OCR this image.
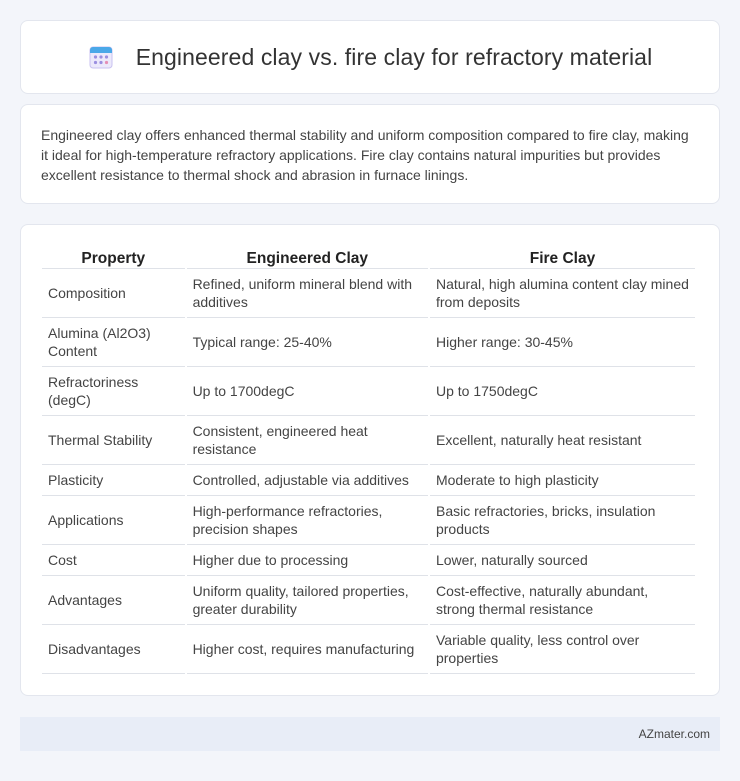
Engineered clay vs. fire clay for refractory material

Engineered clay offers enhanced thermal stability and uniform composition compared to fire clay, making it ideal for high-temperature refractory applications. Fire clay contains natural impurities but provides excellent resistance to thermal shock and abrasion in furnace linings.

Property	Engineered Clay	Fire Clay
Composition	Refined, uniform mineral blend with additives	Natural, high alumina content clay mined from deposits
Alumina (Al2O3) Content	Typical range: 25-40%	Higher range: 30-45%
Refractoriness (degC)	Up to 1700degC	Up to 1750degC
Thermal Stability	Consistent, engineered heat resistance	Excellent, naturally heat resistant
Plasticity	Controlled, adjustable via additives	Moderate to high plasticity
Applications	High-performance refractories, precision shapes	Basic refractories, bricks, insulation products
Cost	Higher due to processing	Lower, naturally sourced
Advantages	Uniform quality, tailored properties, greater durability	Cost-effective, naturally abundant, strong thermal resistance
Disadvantages	Higher cost, requires manufacturing	Variable quality, less control over properties
AZmater.com
